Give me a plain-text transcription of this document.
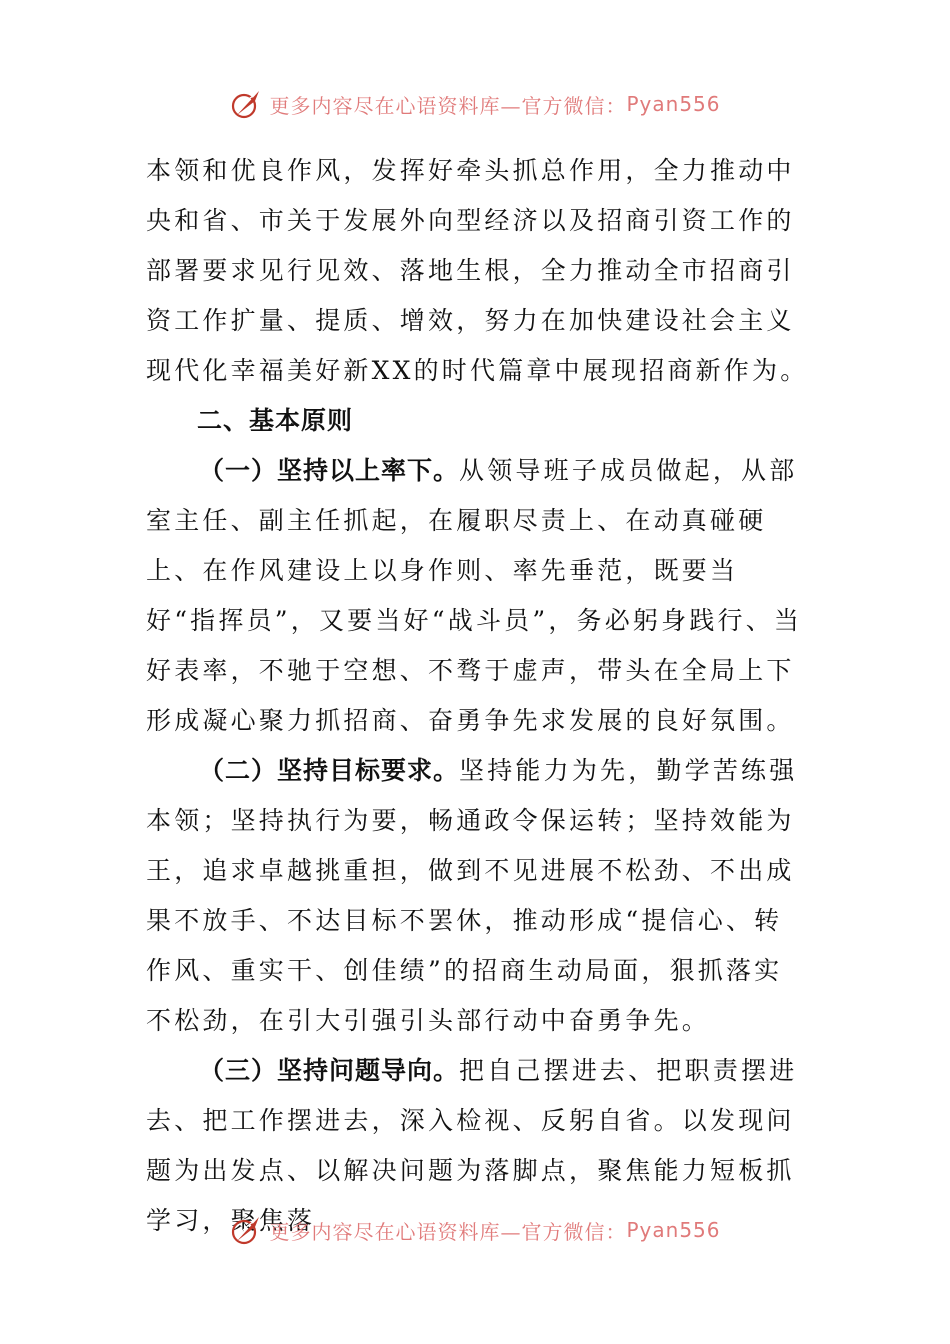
更多内容尽在心语资料库—官方微信： Pyan556

本领和优良作风，发挥好牵头抓总作用，全力推动中央和省、市关于发展外向型经济以及招商引资工作的部署要求见行见效、落地生根，全力推动全市招商引资工作扩量、提质、增效，努力在加快建设社会主义现代化幸福美好新XX的时代篇章中展现招商新作为。

二、基本原则

（一）坚持以上率下。从领导班子成员做起，从部室主任、副主任抓起，在履职尽责上、在动真碰硬上、在作风建设上以身作则、率先垂范，既要当好“指挥员”，又要当好“战斗员”，务必躬身践行、当好表率，不驰于空想、不骛于虚声，带头在全局上下形成凝心聚力抓招商、奋勇争先求发展的良好氛围。

（二）坚持目标要求。坚持能力为先，勤学苦练强本领；坚持执行为要，畅通政令保运转；坚持效能为王，追求卓越挑重担，做到不见进展不松劲、不出成果不放手、不达目标不罢休，推动形成“提信心、转作风、重实干、创佳绩”的招商生动局面，狠抓落实不松劲，在引大引强引头部行动中奋勇争先。

（三）坚持问题导向。把自己摆进去、把职责摆进去、把工作摆进去，深入检视、反躬自省。以发现问题为出发点、以解决问题为落脚点，聚焦能力短板抓学习，聚焦落

更多内容尽在心语资料库—官方微信： Pyan556
